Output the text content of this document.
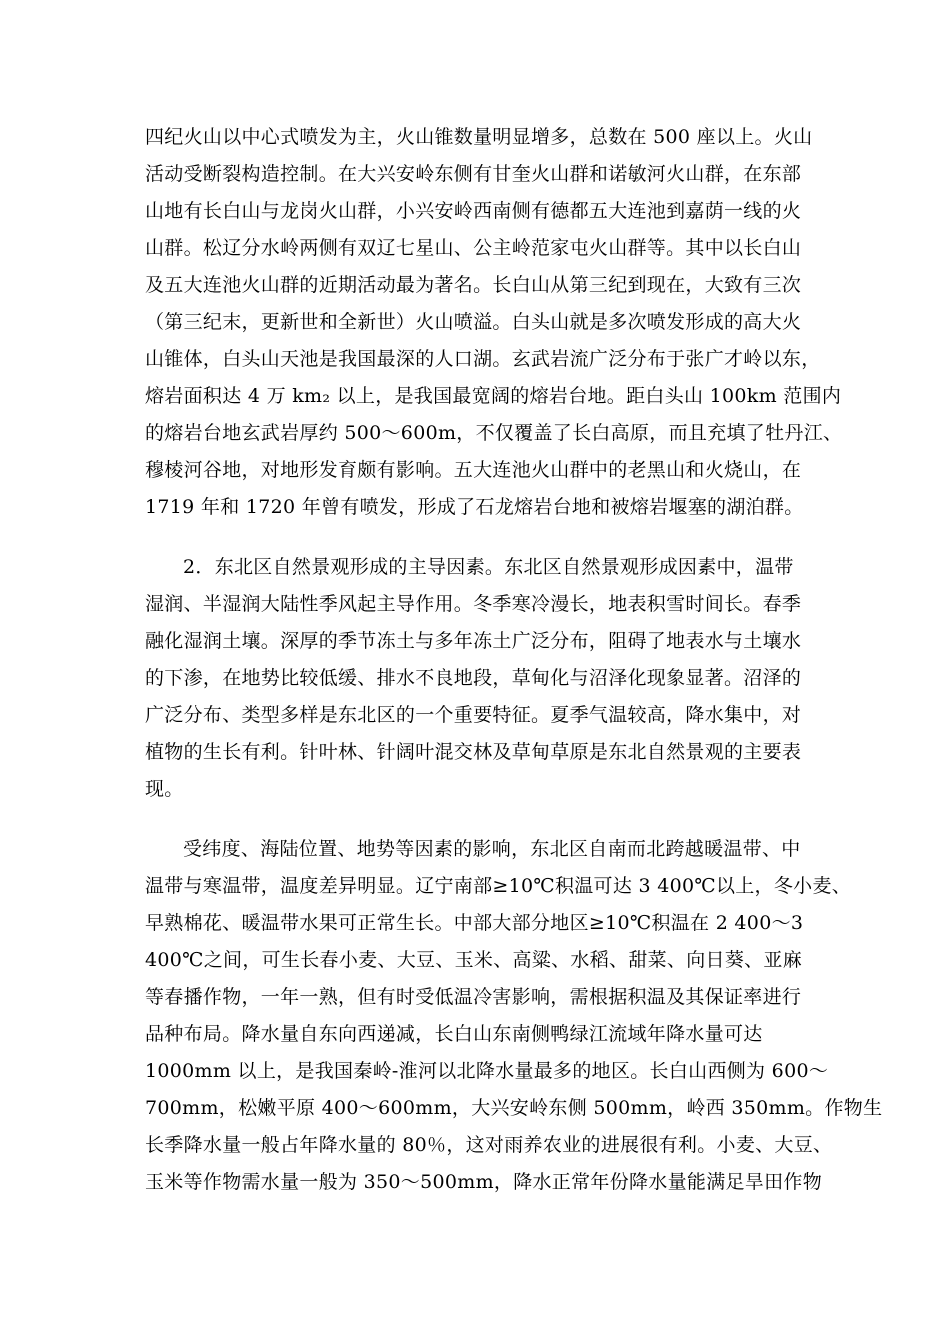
四纪火山以中心式喷发为主，火山锥数量明显增多，总数在 500 座以上。火山
活动受断裂构造控制。在大兴安岭东侧有甘奎火山群和诺敏河火山群，在东部
山地有长白山与龙岗火山群，小兴安岭西南侧有德都五大连池到嘉荫一线的火
山群。松辽分水岭两侧有双辽七星山、公主岭范家屯火山群等。其中以长白山
及五大连池火山群的近期活动最为著名。长白山从第三纪到现在，大致有三次
（第三纪末，更新世和全新世）火山喷溢。白头山就是多次喷发形成的高大火
山锥体，白头山天池是我国最深的人口湖。玄武岩流广泛分布于张广才岭以东，
熔岩面积达 4 万 km₂ 以上，是我国最宽阔的熔岩台地。距白头山 100km 范围内
的熔岩台地玄武岩厚约 500～600m，不仅覆盖了长白高原，而且充填了牡丹江、
穆棱河谷地，对地形发育颇有影响。五大连池火山群中的老黑山和火烧山，在
1719 年和 1720 年曾有喷发，形成了石龙熔岩台地和被熔岩堰塞的湖泊群。
2．东北区自然景观形成的主导因素。东北区自然景观形成因素中，温带
湿润、半湿润大陆性季风起主导作用。冬季寒冷漫长，地表积雪时间长。春季
融化湿润土壤。深厚的季节冻土与多年冻土广泛分布，阻碍了地表水与土壤水
的下渗，在地势比较低缓、排水不良地段，草甸化与沼泽化现象显著。沼泽的
广泛分布、类型多样是东北区的一个重要特征。夏季气温较高，降水集中，对
植物的生长有利。针叶林、针阔叶混交林及草甸草原是东北自然景观的主要表
现。
受纬度、海陆位置、地势等因素的影响，东北区自南而北跨越暖温带、中
温带与寒温带，温度差异明显。辽宁南部≥10℃积温可达 3 400℃以上，冬小麦、
早熟棉花、暖温带水果可正常生长。中部大部分地区≥10℃积温在 2 400～3
400℃之间，可生长春小麦、大豆、玉米、高粱、水稻、甜菜、向日葵、亚麻
等春播作物，一年一熟，但有时受低温冷害影响，需根据积温及其保证率进行
品种布局。降水量自东向西递减，长白山东南侧鸭绿江流域年降水量可达
1000mm 以上，是我国秦岭-淮河以北降水量最多的地区。长白山西侧为 600～
700mm，松嫩平原 400～600mm，大兴安岭东侧 500mm，岭西 350mm。作物生
长季降水量一般占年降水量的 80％，这对雨养农业的进展很有利。小麦、大豆、
玉米等作物需水量一般为 350～500mm，降水正常年份降水量能满足旱田作物
